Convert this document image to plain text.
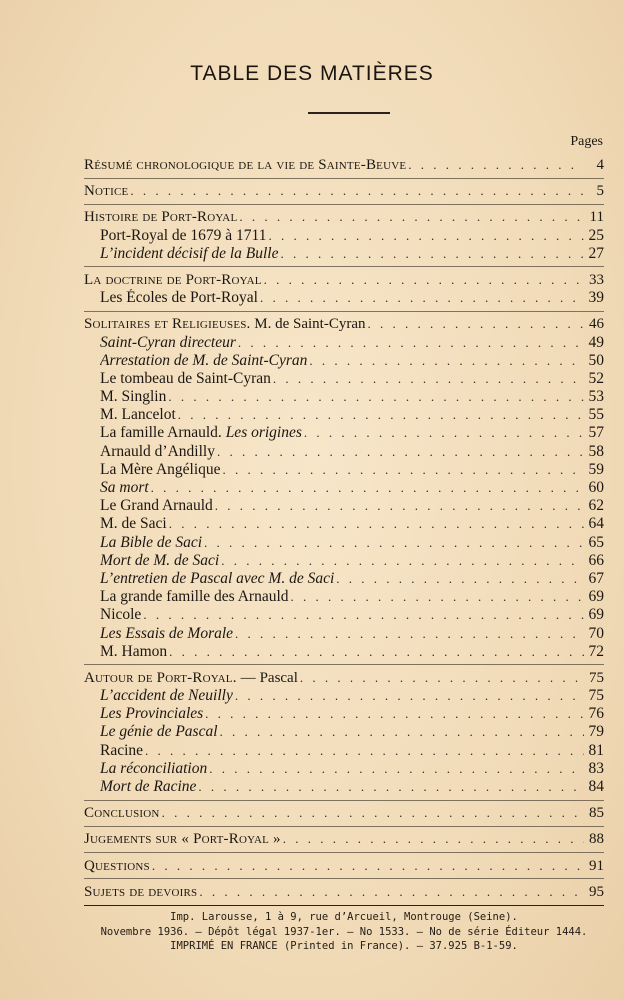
TABLE DES MATIÈRES
Pages
Résumé chronologique de la vie de Sainte-Beuve . . .	4
Notice . . .	5
Histoire de Port-Royal . . .	11
Port-Royal de 1679 à 1711 . . .	25
L’incident décisif de la Bulle . . .	27
La doctrine de Port-Royal . . .	33
Les Écoles de Port-Royal . . .	39
Solitaires et Religieuses. M. de Saint-Cyran . . .	46
Saint-Cyran directeur . . .	49
Arrestation de M. de Saint-Cyran . . .	50
Le tombeau de Saint-Cyran . . .	52
M. Singlin . . .	53
M. Lancelot . . .	55
La famille Arnauld. Les origines . . .	57
Arnauld d’Andilly . . .	58
La Mère Angélique . . .	59
Sa mort . . .	60
Le Grand Arnauld . . .	62
M. de Saci . . .	64
La Bible de Saci . . .	65
Mort de M. de Saci . . .	66
L’entretien de Pascal avec M. de Saci . . .	67
La grande famille des Arnauld . . .	69
Nicole . . .	69
Les Essais de Morale . . .	70
M. Hamon . . .	72
Autour de Port-Royal. — Pascal . . .	75
L’accident de Neuilly . . .	75
Les Provinciales . . .	76
Le génie de Pascal . . .	79
Racine . . .	81
La réconciliation . . .	83
Mort de Racine . . .	84
Conclusion . . .	85
Jugements sur « Port-Royal » . . .	88
Questions . . .	91
Sujets de devoirs . . .	95
Imp. Larousse, 1 à 9, rue d’Arcueil, Montrouge (Seine).
Novembre 1936. — Dépôt légal 1937-1er. — No 1533. — No de série Éditeur 1444.
IMPRIMÉ EN FRANCE (Printed in France). — 37.925 B-1-59.
